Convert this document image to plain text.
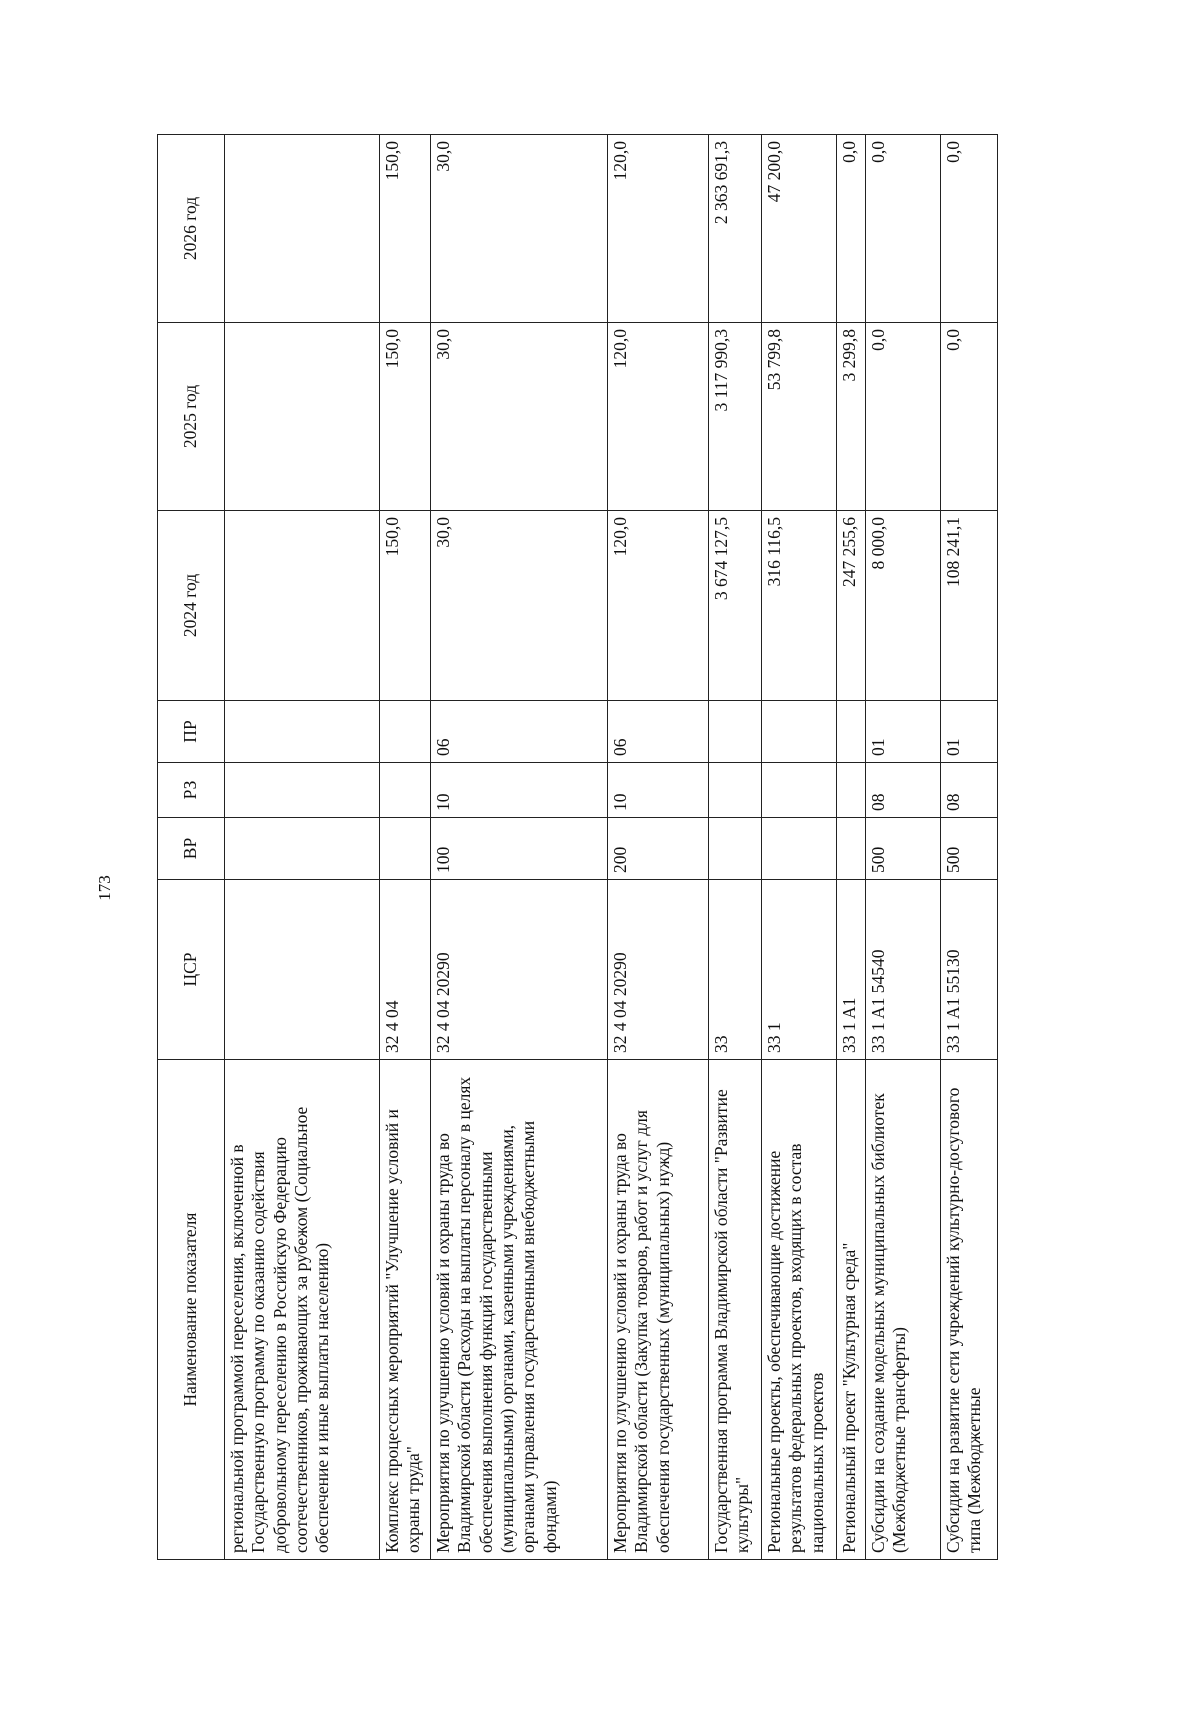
173
Наименование показателя	ЦСР	ВР	РЗ	ПР	2024 год	2025 год	2026 год
региональной программой переселения, включенной в Государственную программу по оказанию содействия добровольному переселению в Российскую Федерацию соотечественников, проживающих за рубежом (Социальное обеспечение и иные выплаты населению)							
Комплекс процессных мероприятий "Улучшение условий и охраны труда"	32 4 04				150,0	150,0	150,0
Мероприятия по улучшению условий и охраны труда во Владимирской области (Расходы на выплаты персоналу в целях обеспечения выполнения функций государственными (муниципальными) органами, казенными учреждениями, органами управления государственными внебюджетными фондами)	32 4 04 20290	100	10	06	30,0	30,0	30,0
Мероприятия по улучшению условий и охраны труда во Владимирской области (Закупка товаров, работ и услуг для обеспечения государственных (муниципальных) нужд)	32 4 04 20290	200	10	06	120,0	120,0	120,0
Государственная программа Владимирской области "Развитие культуры"	33				3 674 127,5	3 117 990,3	2 363 691,3
Региональные проекты, обеспечивающие достижение результатов федеральных проектов, входящих в состав национальных проектов	33 1				316 116,5	53 799,8	47 200,0
Региональный проект "Культурная среда"	33 1 A1				247 255,6	3 299,8	0,0
Субсидии на создание модельных муниципальных библиотек (Межбюджетные трансферты)	33 1 A1 54540	500	08	01	8 000,0	0,0	0,0
Субсидии на развитие сети учреждений культурно-досугового типа (Межбюджетные	33 1 A1 55130	500	08	01	108 241,1	0,0	0,0
